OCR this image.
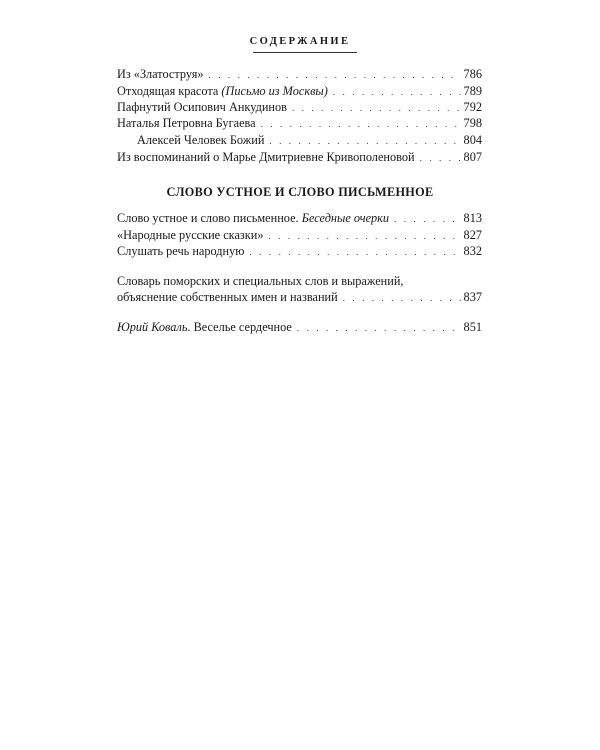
СОДЕРЖАНИЕ
Из «Златоструя» . . .	786
Отходящая красота (Письмо из Москвы) . . .	789
Пафнутий Осипович Анкудинов . . .	792
Наталья Петровна Бугаева . . .	798
Алексей Человек Божий . . .	804
Из воспоминаний о Марье Дмитриевне Кривополеновой . . .	807
СЛОВО УСТНОЕ И СЛОВО ПИСЬМЕННОЕ
Слово устное и слово письменное. Беседные очерки . . .	813
«Народные русские сказки» . . .	827
Слушать речь народную . . .	832
Словарь поморских и специальных слов и выражений,
объяснение собственных имен и названий . . .	837
Юрий Коваль. Веселье сердечное . . .	851
